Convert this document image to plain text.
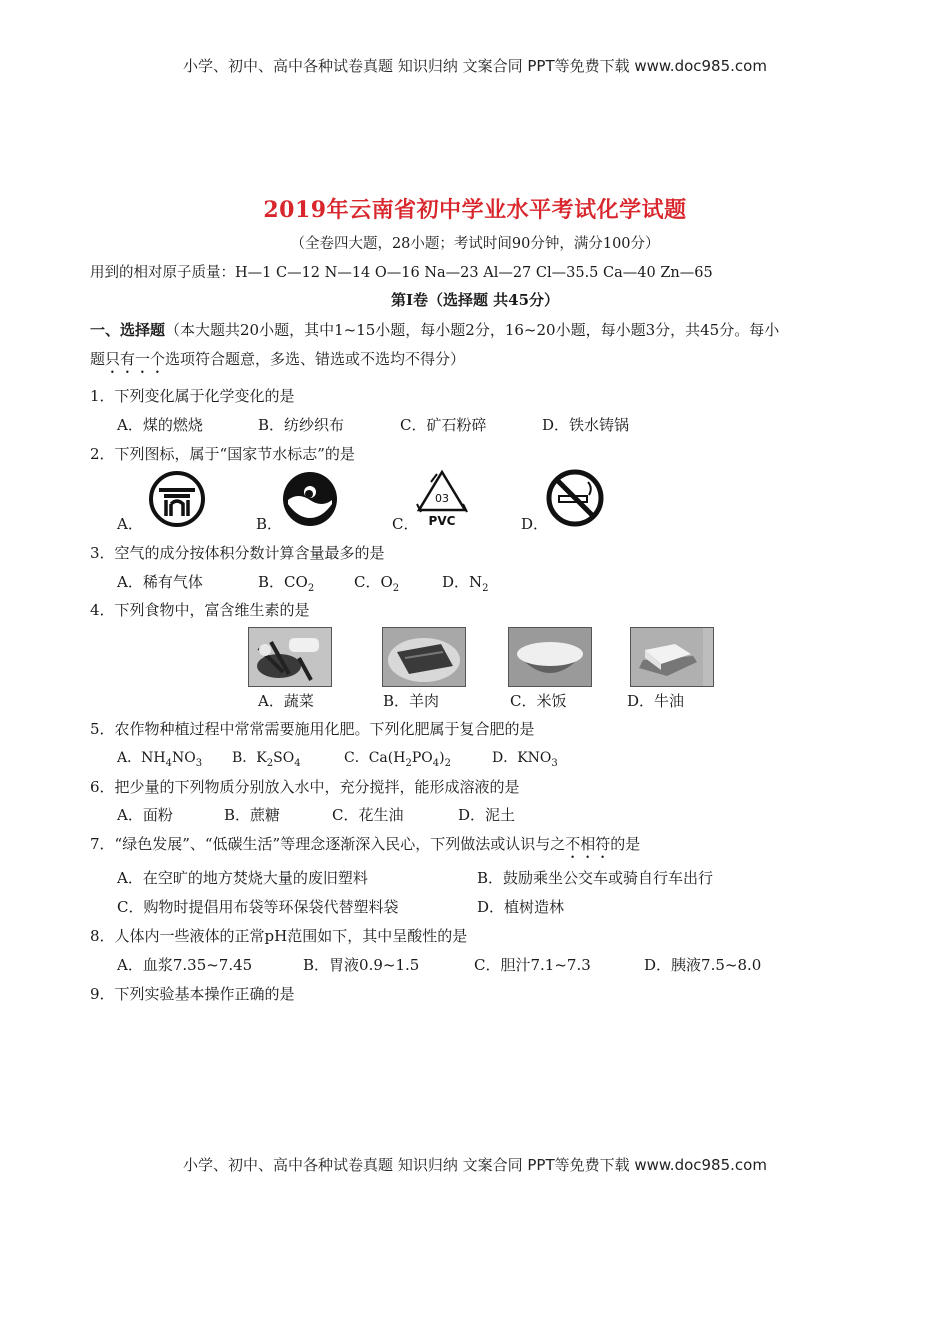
小学、初中、高中各种试卷真题 知识归纳 文案合同 PPT等免费下载 www.doc985.com
2019年云南省初中学业水平考试化学试题
（全卷四大题，28小题；考试时间90分钟，满分100分）
用到的相对原子质量：H—1 C—12 N—14 O—16 Na—23 Al—27 Cl—35.5 Ca—40 Zn—65
第Ⅰ卷（选择题 共45分）
一、选择题（本大题共20小题，其中1~15小题，每小题2分，16~20小题，每小题3分，共45分。每小
题只有一个选项符合题意，多选、错选或不选均不得分）
1．下列变化属于化学变化的是
A．煤的燃烧	B．纺纱织布	C．矿石粉碎	D．铁水铸锅
2．下列图标，属于“国家节水标志”的是
A．	B．	C．	D．
03
PVC
3．空气的成分按体积分数计算含量最多的是
A．稀有气体	B．$CO_2$	C．$O_2$	D．$N_2$
4．下列食物中，富含维生素的是
A．蔬菜	B．羊肉	C．米饭	D．牛油
5．农作物种植过程中常常需要施用化肥。下列化肥属于复合肥的是
A．$NH_4NO_3$ B．$K_2SO_4$	C．$Ca(H_2PO_4)_2$	D．$KNO_3$
6．把少量的下列物质分别放入水中，充分搅拌，能形成溶液的是
A．面粉	B．蔗糖	C．花生油	D．泥土
7．“绿色发展”、“低碳生活”等理念逐渐深入民心，下列做法或认识与之不相符的是
A．在空旷的地方焚烧大量的废旧塑料	B．鼓励乘坐公交车或骑自行车出行
C．购物时提倡用布袋等环保袋代替塑料袋	D．植树造林
8．人体内一些液体的正常pH范围如下，其中呈酸性的是
A．血浆7.35~7.45	B．胃液0.9~1.5	C．胆汁7.1~7.3	D．胰液7.5~8.0
9．下列实验基本操作正确的是
小学、初中、高中各种试卷真题 知识归纳 文案合同 PPT等免费下载 www.doc985.com
